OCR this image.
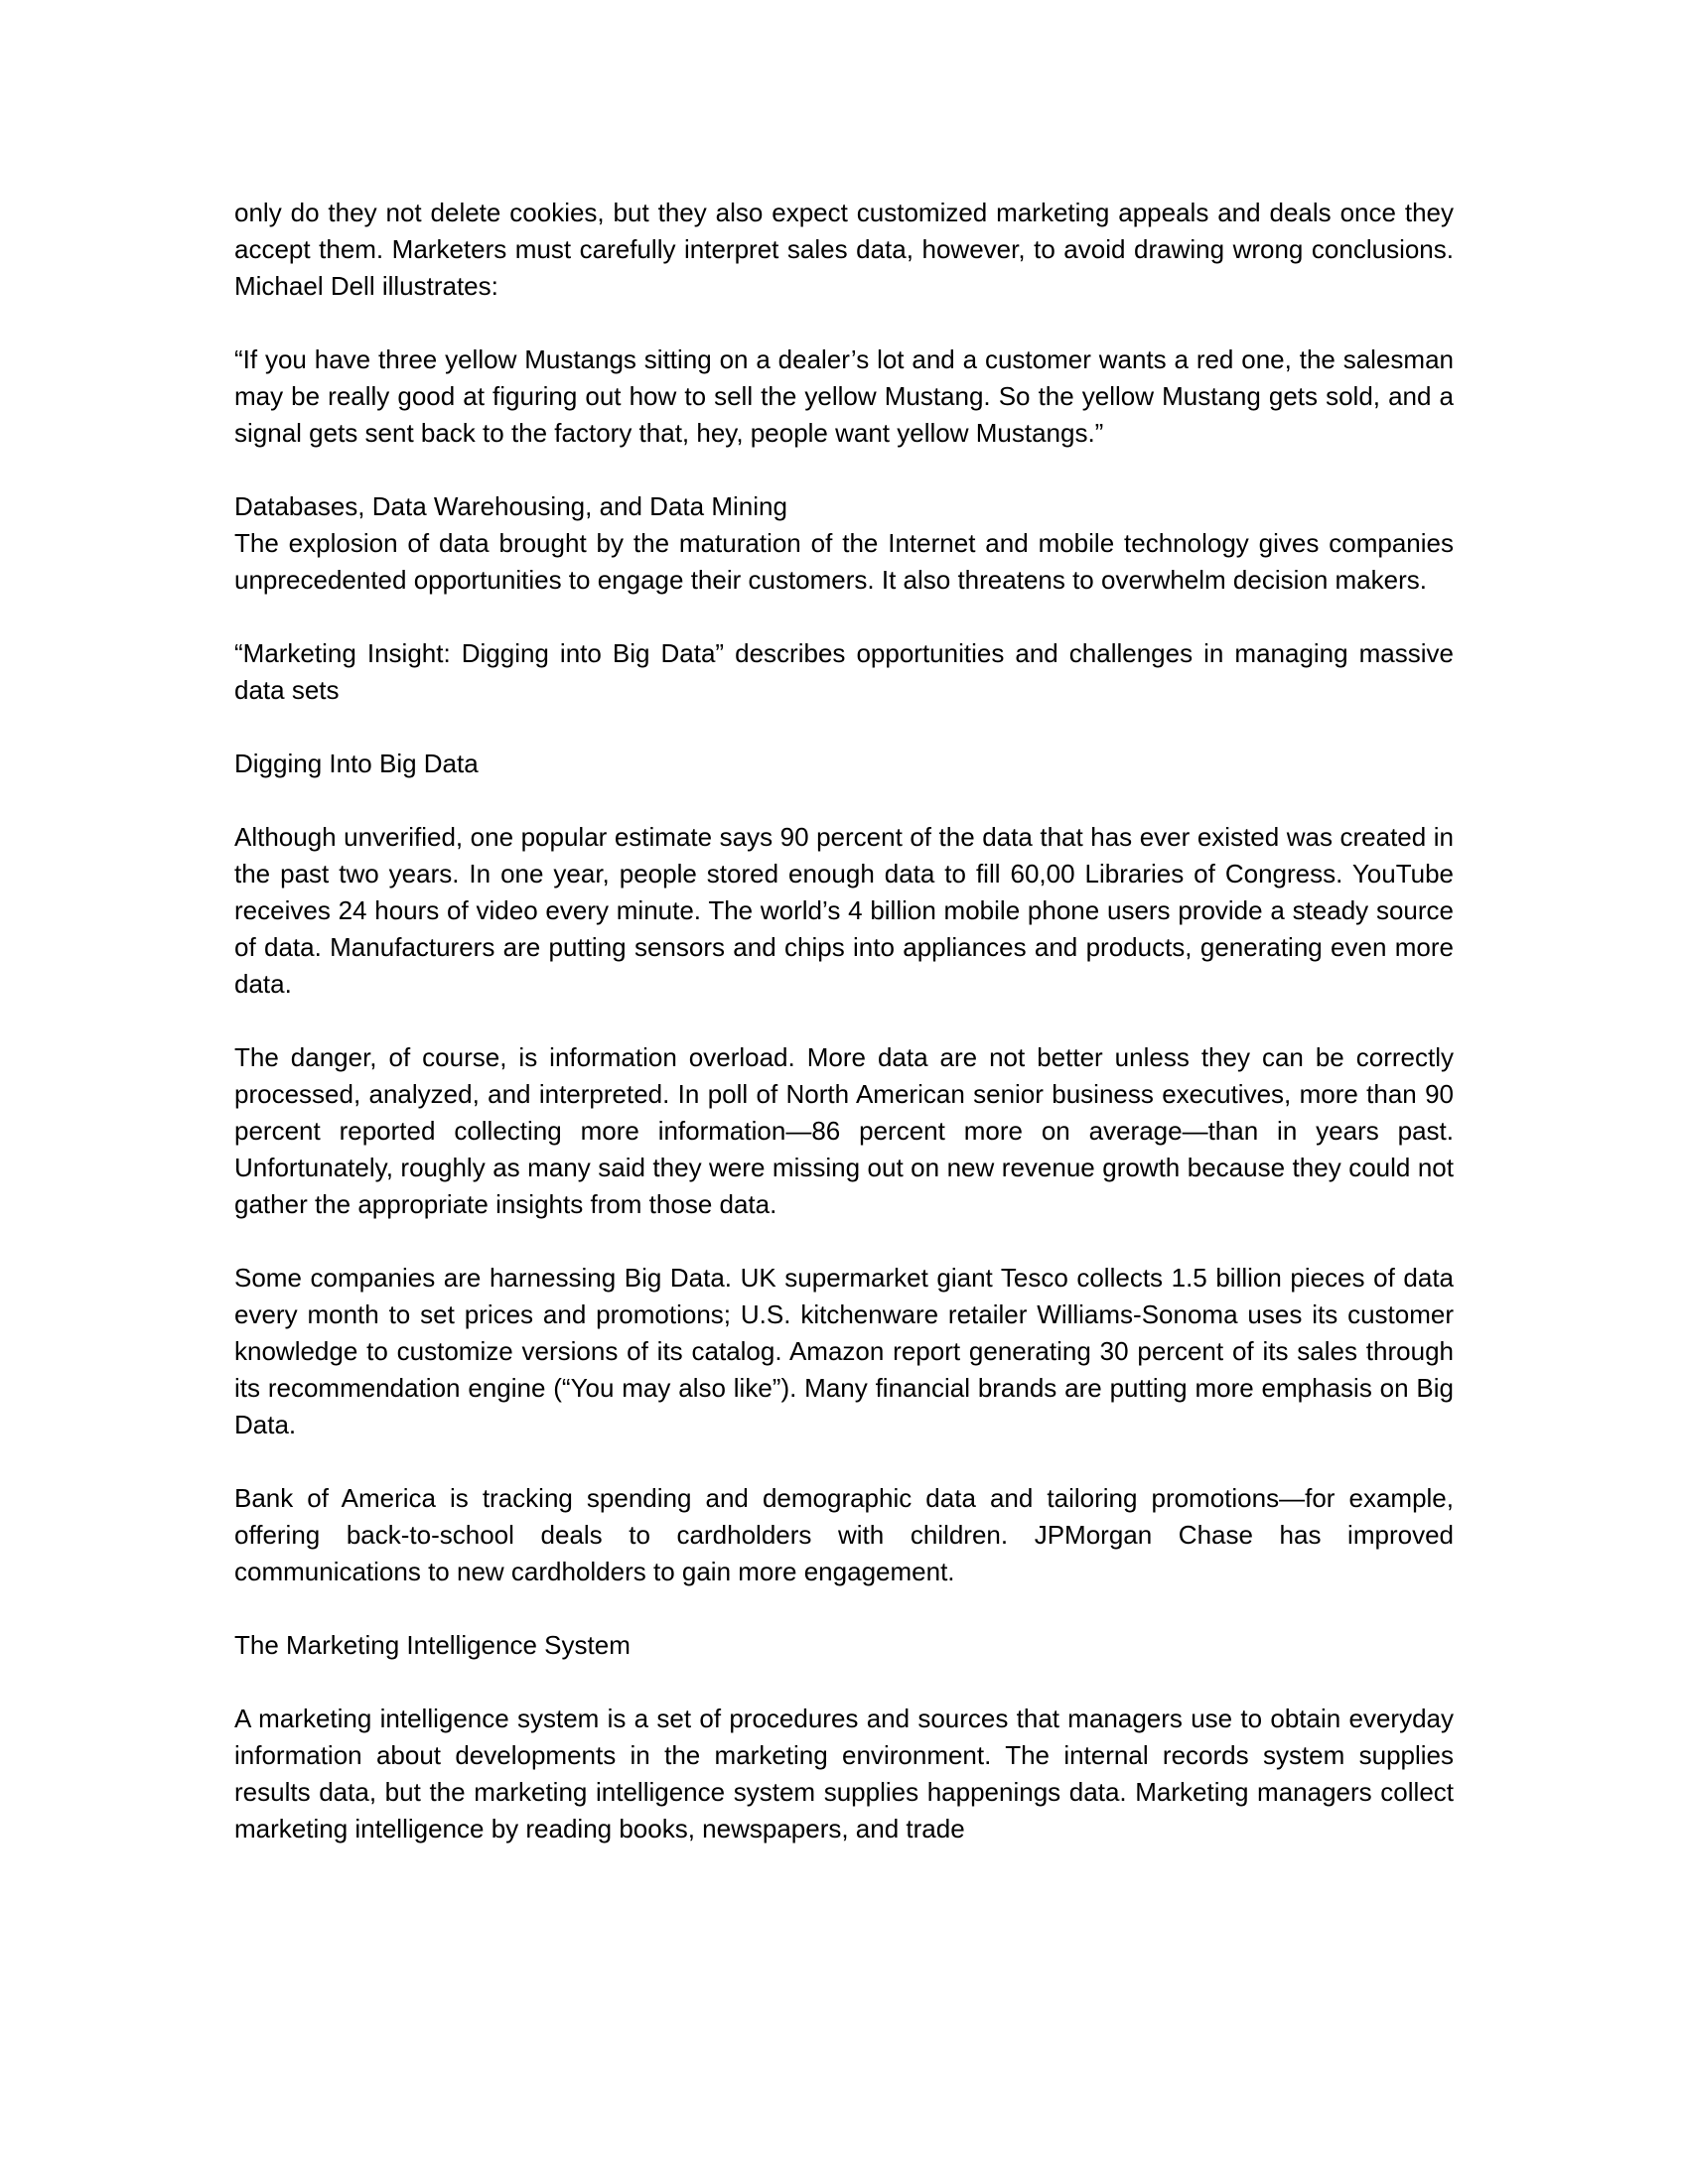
only do they not delete cookies, but they also expect customized marketing appeals and deals once they accept them. Marketers must carefully interpret sales data, however, to avoid drawing wrong conclusions. Michael Dell illustrates:

“If you have three yellow Mustangs sitting on a dealer’s lot and a customer wants a red one, the salesman may be really good at figuring out how to sell the yellow Mustang. So the yellow Mustang gets sold, and a signal gets sent back to the factory that, hey, people want yellow Mustangs.”

Databases, Data Warehousing, and Data Mining

The explosion of data brought by the maturation of the Internet and mobile technology gives companies unprecedented opportunities to engage their customers. It also threatens to overwhelm decision makers.

“Marketing Insight: Digging into Big Data” describes opportunities and challenges in managing massive data sets

Digging Into Big Data

Although unverified, one popular estimate says 90 percent of the data that has ever existed was created in the past two years. In one year, people stored enough data to fill 60,00 Libraries of Congress. YouTube receives 24 hours of video every minute. The world’s 4 billion mobile phone users provide a steady source of data. Manufacturers are putting sensors and chips into appliances and products, generating even more data.

The danger, of course, is information overload. More data are not better unless they can be correctly processed, analyzed, and interpreted. In poll of North American senior business executives, more than 90 percent reported collecting more information—86 percent more on average—than in years past. Unfortunately, roughly as many said they were missing out on new revenue growth because they could not gather the appropriate insights from those data.

Some companies are harnessing Big Data. UK supermarket giant Tesco collects 1.5 billion pieces of data every month to set prices and promotions; U.S. kitchenware retailer Williams-Sonoma uses its customer knowledge to customize versions of its catalog. Amazon report generating 30 percent of its sales through its recommendation engine (“You may also like”). Many financial brands are putting more emphasis on Big Data.

Bank of America is tracking spending and demographic data and tailoring promotions—for example, offering back-to-school deals to cardholders with children. JPMorgan Chase has improved communications to new cardholders to gain more engagement.

The Marketing Intelligence System

A marketing intelligence system is a set of procedures and sources that managers use to obtain everyday information about developments in the marketing environment. The internal records system supplies results data, but the marketing intelligence system supplies happenings data. Marketing managers collect marketing intelligence by reading books, newspapers, and trade
